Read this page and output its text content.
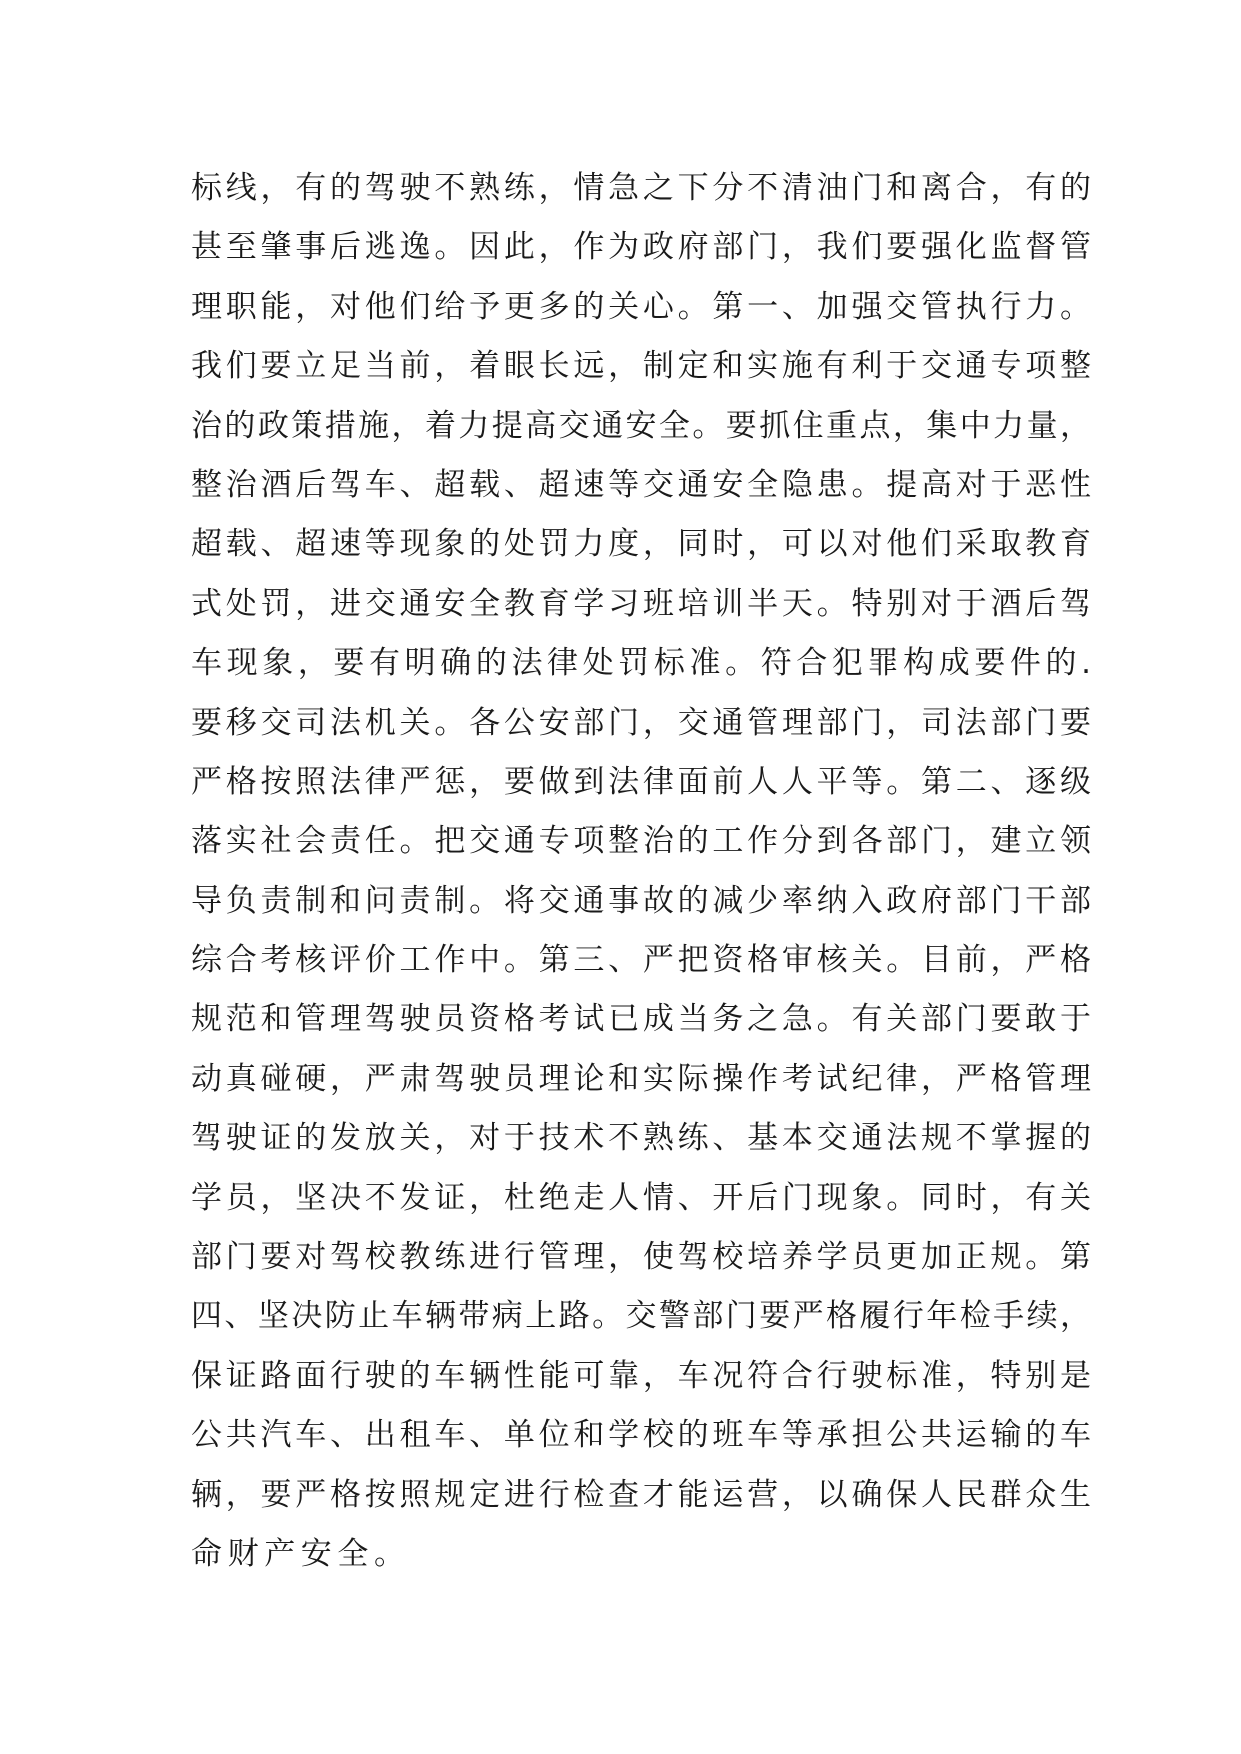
标线，有的驾驶不熟练，情急之下分不清油门和离合，有的
甚至肇事后逃逸。因此，作为政府部门，我们要强化监督管
理职能，对他们给予更多的关心。第一、加强交管执行力。
我们要立足当前，着眼长远，制定和实施有利于交通专项整
治的政策措施，着力提高交通安全。要抓住重点，集中力量，
整治酒后驾车、超载、超速等交通安全隐患。提高对于恶性
超载、超速等现象的处罚力度，同时，可以对他们采取教育
式处罚，进交通安全教育学习班培训半天。特别对于酒后驾
车现象，要有明确的法律处罚标准。符合犯罪构成要件的.
要移交司法机关。各公安部门，交通管理部门，司法部门要
严格按照法律严惩，要做到法律面前人人平等。第二、逐级
落实社会责任。把交通专项整治的工作分到各部门，建立领
导负责制和问责制。将交通事故的减少率纳入政府部门干部
综合考核评价工作中。第三、严把资格审核关。目前，严格
规范和管理驾驶员资格考试已成当务之急。有关部门要敢于
动真碰硬，严肃驾驶员理论和实际操作考试纪律，严格管理
驾驶证的发放关，对于技术不熟练、基本交通法规不掌握的
学员，坚决不发证，杜绝走人情、开后门现象。同时，有关
部门要对驾校教练进行管理，使驾校培养学员更加正规。第
四、坚决防止车辆带病上路。交警部门要严格履行年检手续，
保证路面行驶的车辆性能可靠，车况符合行驶标准，特别是
公共汽车、出租车、单位和学校的班车等承担公共运输的车
辆，要严格按照规定进行检查才能运营，以确保人民群众生
命财产安全。
